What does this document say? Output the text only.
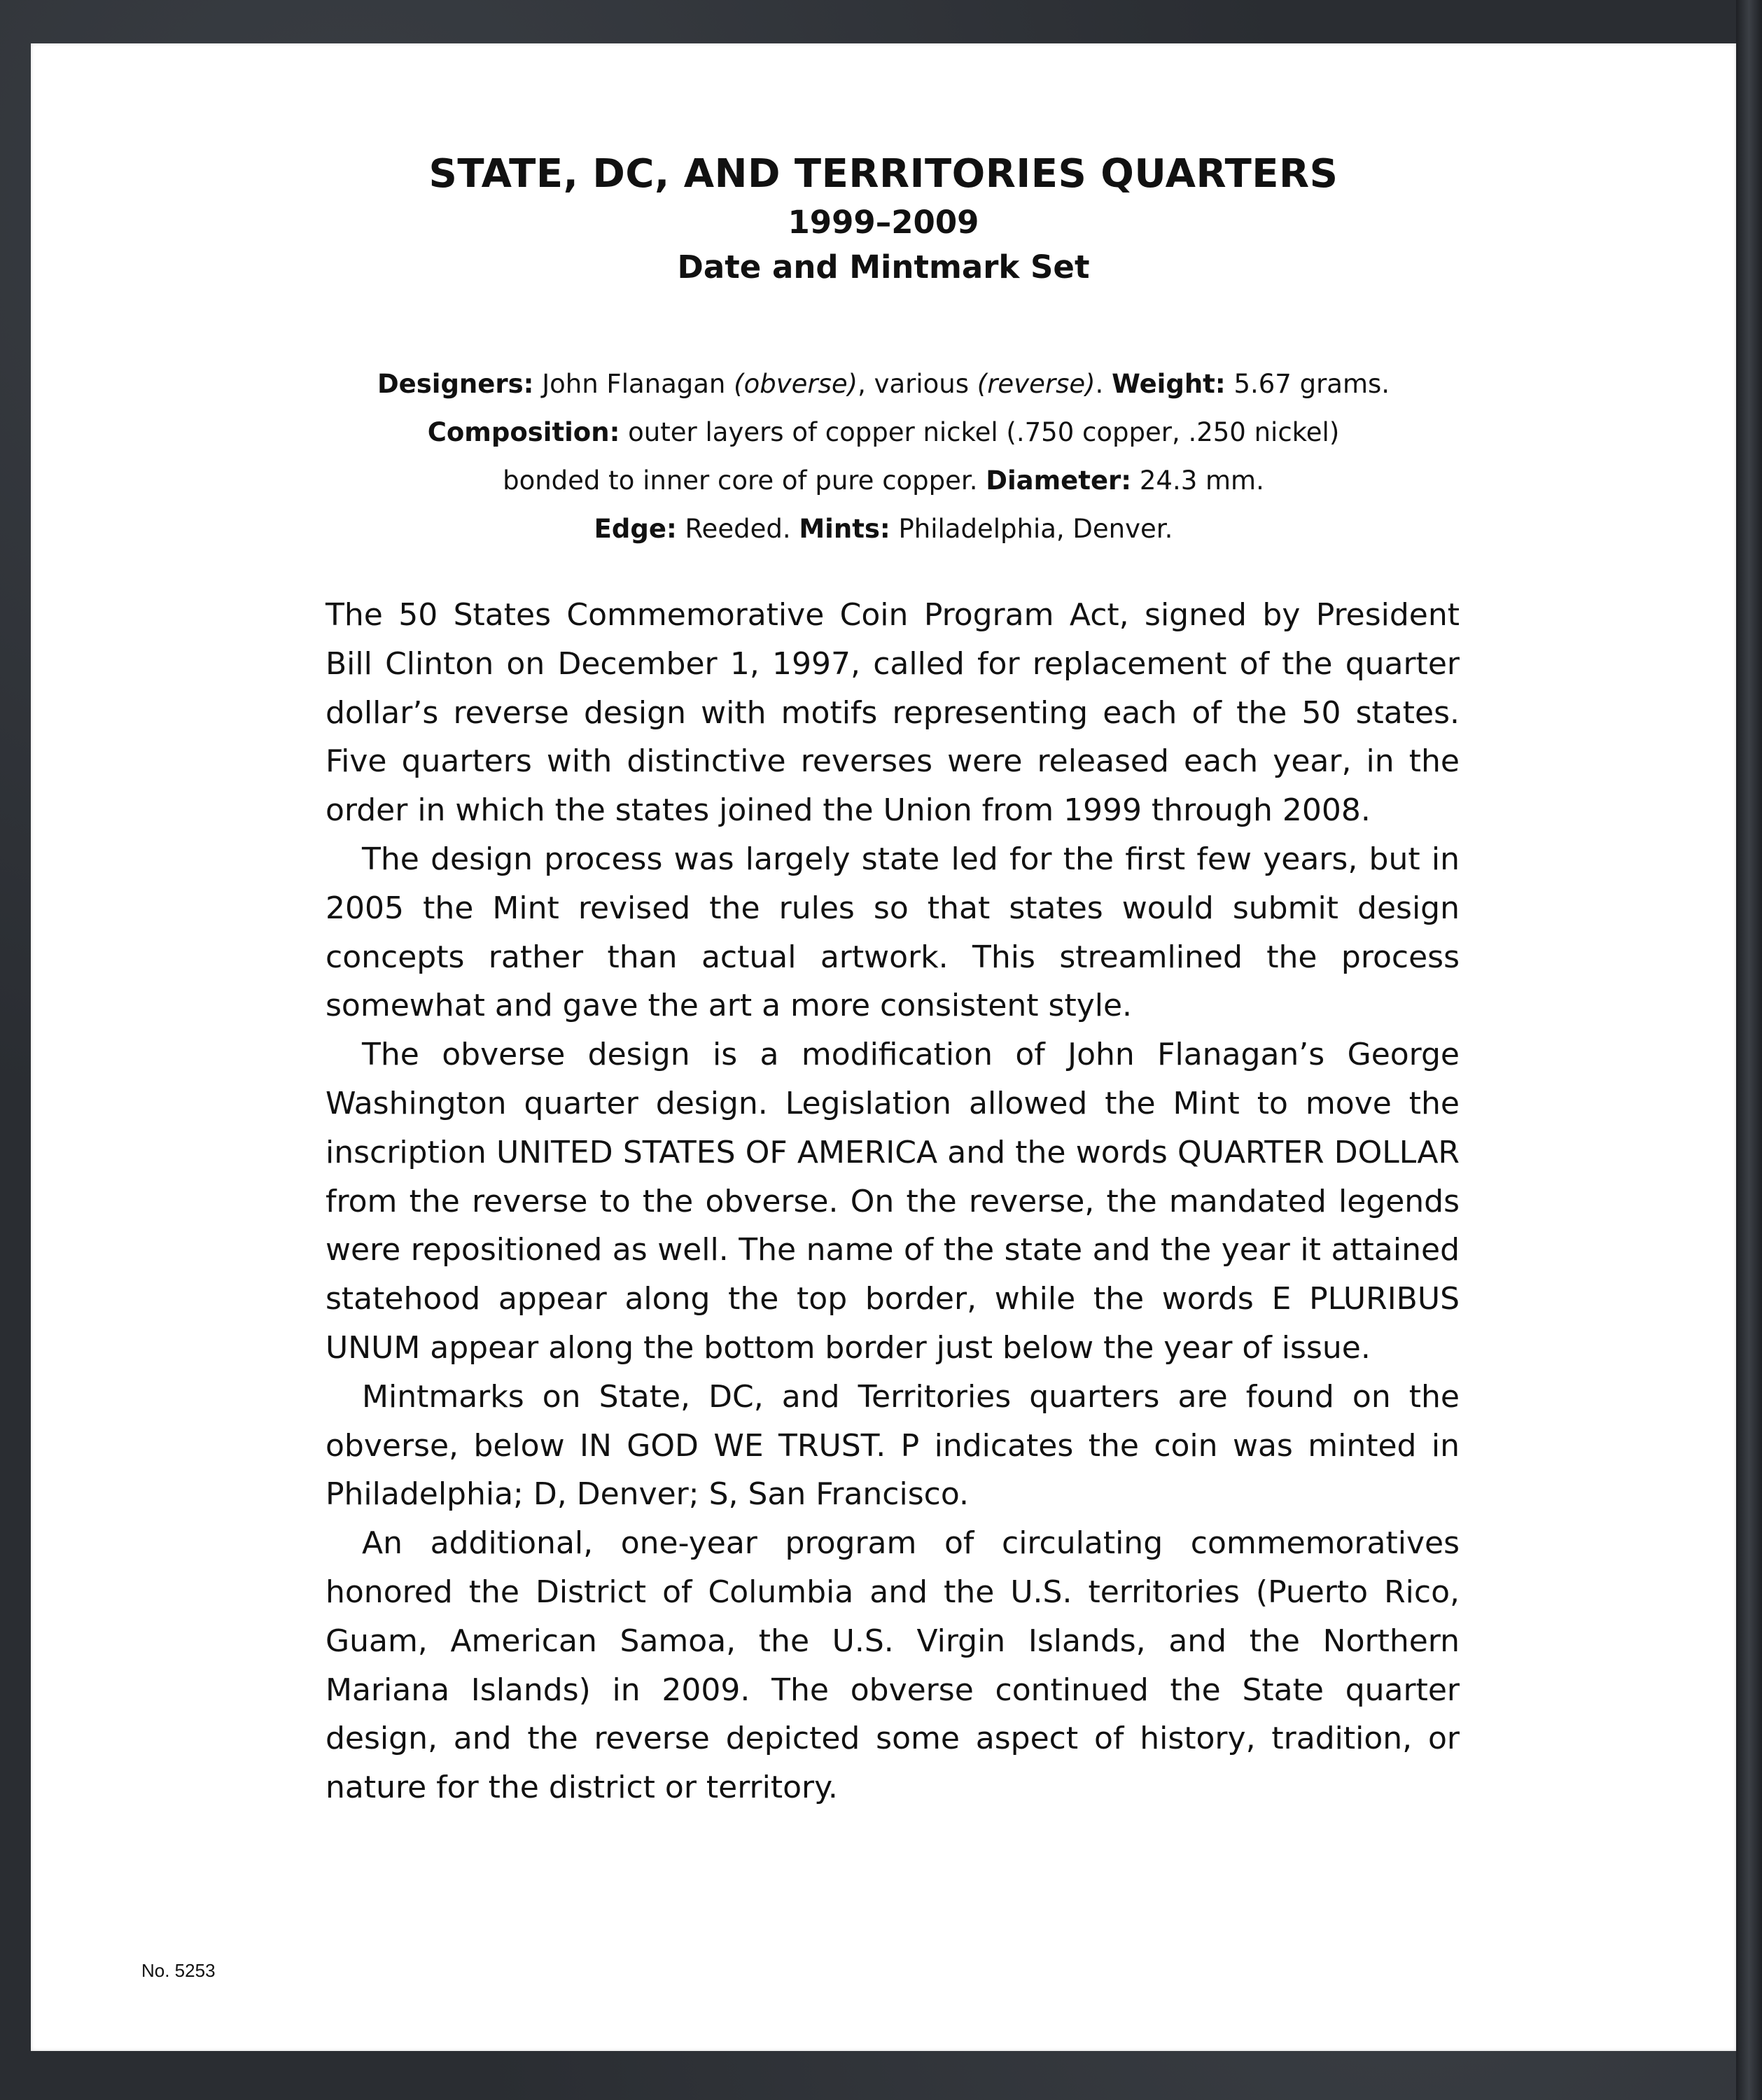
STATE, DC, AND TERRITORIES QUARTERS
1999–2009
Date and Mintmark Set
Designers: John Flanagan (obverse), various (reverse). Weight: 5.67 grams.
Composition: outer layers of copper nickel (.750 copper, .250 nickel)
bonded to inner core of pure copper. Diameter: 24.3 mm.
Edge: Reeded. Mints: Philadelphia, Denver.

The 50 States Commemorative Coin Program Act, signed by President Bill Clinton on December 1, 1997, called for replacement of the quarter dollar’s reverse design with motifs representing each of the 50 states. Five quarters with distinctive reverses were released each year, in the order in which the states joined the Union from 1999 through 2008.

The design process was largely state led for the first few years, but in 2005 the Mint revised the rules so that states would submit design concepts rather than actual artwork. This streamlined the process somewhat and gave the art a more consistent style.

The obverse design is a modification of John Flanagan’s George Washington quarter design. Legislation allowed the Mint to move the inscription UNITED STATES OF AMERICA and the words QUARTER DOLLAR from the reverse to the obverse. On the reverse, the mandated legends were repositioned as well. The name of the state and the year it attained statehood appear along the top border, while the words E PLURIBUS UNUM appear along the bottom border just below the year of issue.

Mintmarks on State, DC, and Territories quarters are found on the obverse, below IN GOD WE TRUST. P indicates the coin was minted in Philadelphia; D, Denver; S, San Francisco.

An additional, one-year program of circulating commemoratives honored the District of Columbia and the U.S. territories (Puerto Rico, Guam, American Samoa, the U.S. Virgin Islands, and the Northern Mariana Islands) in 2009. The obverse continued the State quarter design, and the reverse depicted some aspect of history, tradition, or nature for the district or territory.

No. 5253
